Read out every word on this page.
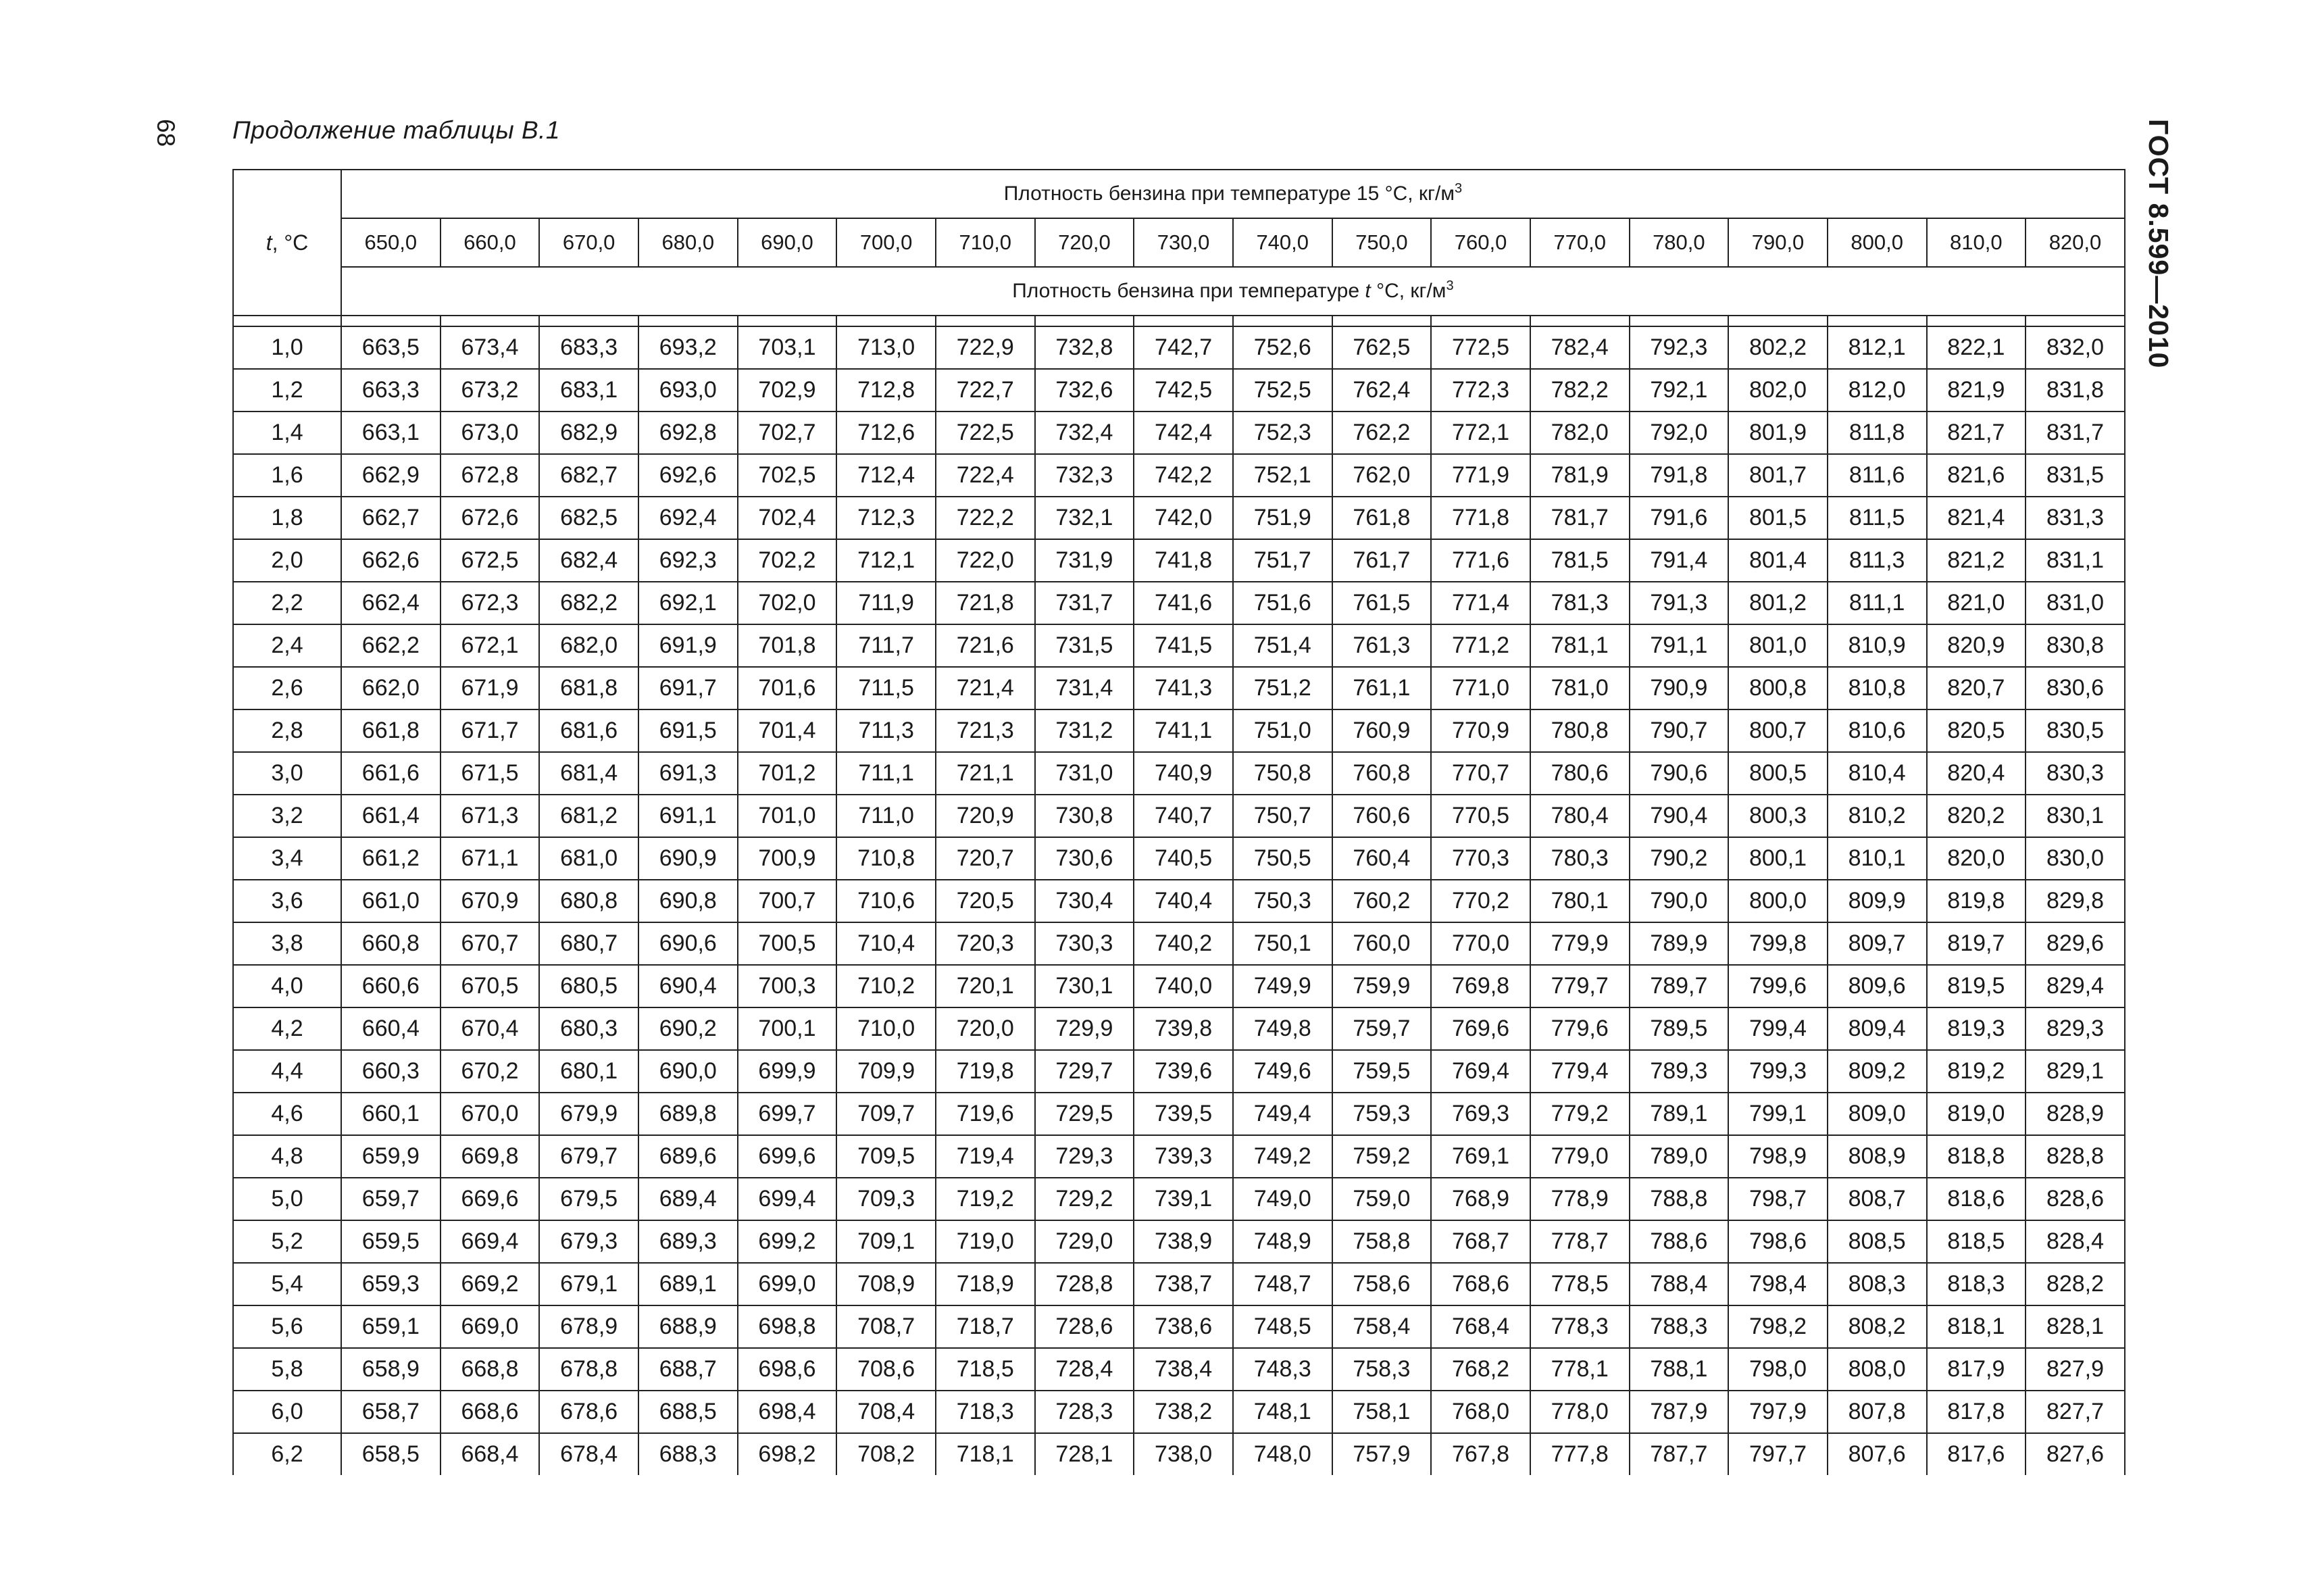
68 Продолжение таблицы В.1	ГОСТ 8.599—2010
t, °C	Плотность бензина при температуре 15 °C, $кг/м^3$
	650,0	660,0	670,0	680,0	690,0	700,0	710,0	720,0	730,0	740,0	750,0	760,0	770,0	780,0	790,0	800,0	810,0	820,0
	Плотность бензина при температуре t °C, $кг/м^3$

1,0	663,5	673,4	683,3	693,2	703,1	713,0	722,9	732,8	742,7	752,6	762,5	772,5	782,4	792,3	802,2	812,1	822,1	832,0
1,2	663,3	673,2	683,1	693,0	702,9	712,8	722,7	732,6	742,5	752,5	762,4	772,3	782,2	792,1	802,0	812,0	821,9	831,8
1,4	663,1	673,0	682,9	692,8	702,7	712,6	722,5	732,4	742,4	752,3	762,2	772,1	782,0	792,0	801,9	811,8	821,7	831,7
1,6	662,9	672,8	682,7	692,6	702,5	712,4	722,4	732,3	742,2	752,1	762,0	771,9	781,9	791,8	801,7	811,6	821,6	831,5
1,8	662,7	672,6	682,5	692,4	702,4	712,3	722,2	732,1	742,0	751,9	761,8	771,8	781,7	791,6	801,5	811,5	821,4	831,3
2,0	662,6	672,5	682,4	692,3	702,2	712,1	722,0	731,9	741,8	751,7	761,7	771,6	781,5	791,4	801,4	811,3	821,2	831,1
2,2	662,4	672,3	682,2	692,1	702,0	711,9	721,8	731,7	741,6	751,6	761,5	771,4	781,3	791,3	801,2	811,1	821,0	831,0
2,4	662,2	672,1	682,0	691,9	701,8	711,7	721,6	731,5	741,5	751,4	761,3	771,2	781,1	791,1	801,0	810,9	820,9	830,8
2,6	662,0	671,9	681,8	691,7	701,6	711,5	721,4	731,4	741,3	751,2	761,1	771,0	781,0	790,9	800,8	810,8	820,7	830,6
2,8	661,8	671,7	681,6	691,5	701,4	711,3	721,3	731,2	741,1	751,0	760,9	770,9	780,8	790,7	800,7	810,6	820,5	830,5
3,0	661,6	671,5	681,4	691,3	701,2	711,1	721,1	731,0	740,9	750,8	760,8	770,7	780,6	790,6	800,5	810,4	820,4	830,3
3,2	661,4	671,3	681,2	691,1	701,0	711,0	720,9	730,8	740,7	750,7	760,6	770,5	780,4	790,4	800,3	810,2	820,2	830,1
3,4	661,2	671,1	681,0	690,9	700,9	710,8	720,7	730,6	740,5	750,5	760,4	770,3	780,3	790,2	800,1	810,1	820,0	830,0
3,6	661,0	670,9	680,8	690,8	700,7	710,6	720,5	730,4	740,4	750,3	760,2	770,2	780,1	790,0	800,0	809,9	819,8	829,8
3,8	660,8	670,7	680,7	690,6	700,5	710,4	720,3	730,3	740,2	750,1	760,0	770,0	779,9	789,9	799,8	809,7	819,7	829,6
4,0	660,6	670,5	680,5	690,4	700,3	710,2	720,1	730,1	740,0	749,9	759,9	769,8	779,7	789,7	799,6	809,6	819,5	829,4
4,2	660,4	670,4	680,3	690,2	700,1	710,0	720,0	729,9	739,8	749,8	759,7	769,6	779,6	789,5	799,4	809,4	819,3	829,3
4,4	660,3	670,2	680,1	690,0	699,9	709,9	719,8	729,7	739,6	749,6	759,5	769,4	779,4	789,3	799,3	809,2	819,2	829,1
4,6	660,1	670,0	679,9	689,8	699,7	709,7	719,6	729,5	739,5	749,4	759,3	769,3	779,2	789,1	799,1	809,0	819,0	828,9
4,8	659,9	669,8	679,7	689,6	699,6	709,5	719,4	729,3	739,3	749,2	759,2	769,1	779,0	789,0	798,9	808,9	818,8	828,8
5,0	659,7	669,6	679,5	689,4	699,4	709,3	719,2	729,2	739,1	749,0	759,0	768,9	778,9	788,8	798,7	808,7	818,6	828,6
5,2	659,5	669,4	679,3	689,3	699,2	709,1	719,0	729,0	738,9	748,9	758,8	768,7	778,7	788,6	798,6	808,5	818,5	828,4
5,4	659,3	669,2	679,1	689,1	699,0	708,9	718,9	728,8	738,7	748,7	758,6	768,6	778,5	788,4	798,4	808,3	818,3	828,2
5,6	659,1	669,0	678,9	688,9	698,8	708,7	718,7	728,6	738,6	748,5	758,4	768,4	778,3	788,3	798,2	808,2	818,1	828,1
5,8	658,9	668,8	678,8	688,7	698,6	708,6	718,5	728,4	738,4	748,3	758,3	768,2	778,1	788,1	798,0	808,0	817,9	827,9
6,0	658,7	668,6	678,6	688,5	698,4	708,4	718,3	728,3	738,2	748,1	758,1	768,0	778,0	787,9	797,9	807,8	817,8	827,7
6,2	658,5	668,4	678,4	688,3	698,2	708,2	718,1	728,1	738,0	748,0	757,9	767,8	777,8	787,7	797,7	807,6	817,6	827,6
